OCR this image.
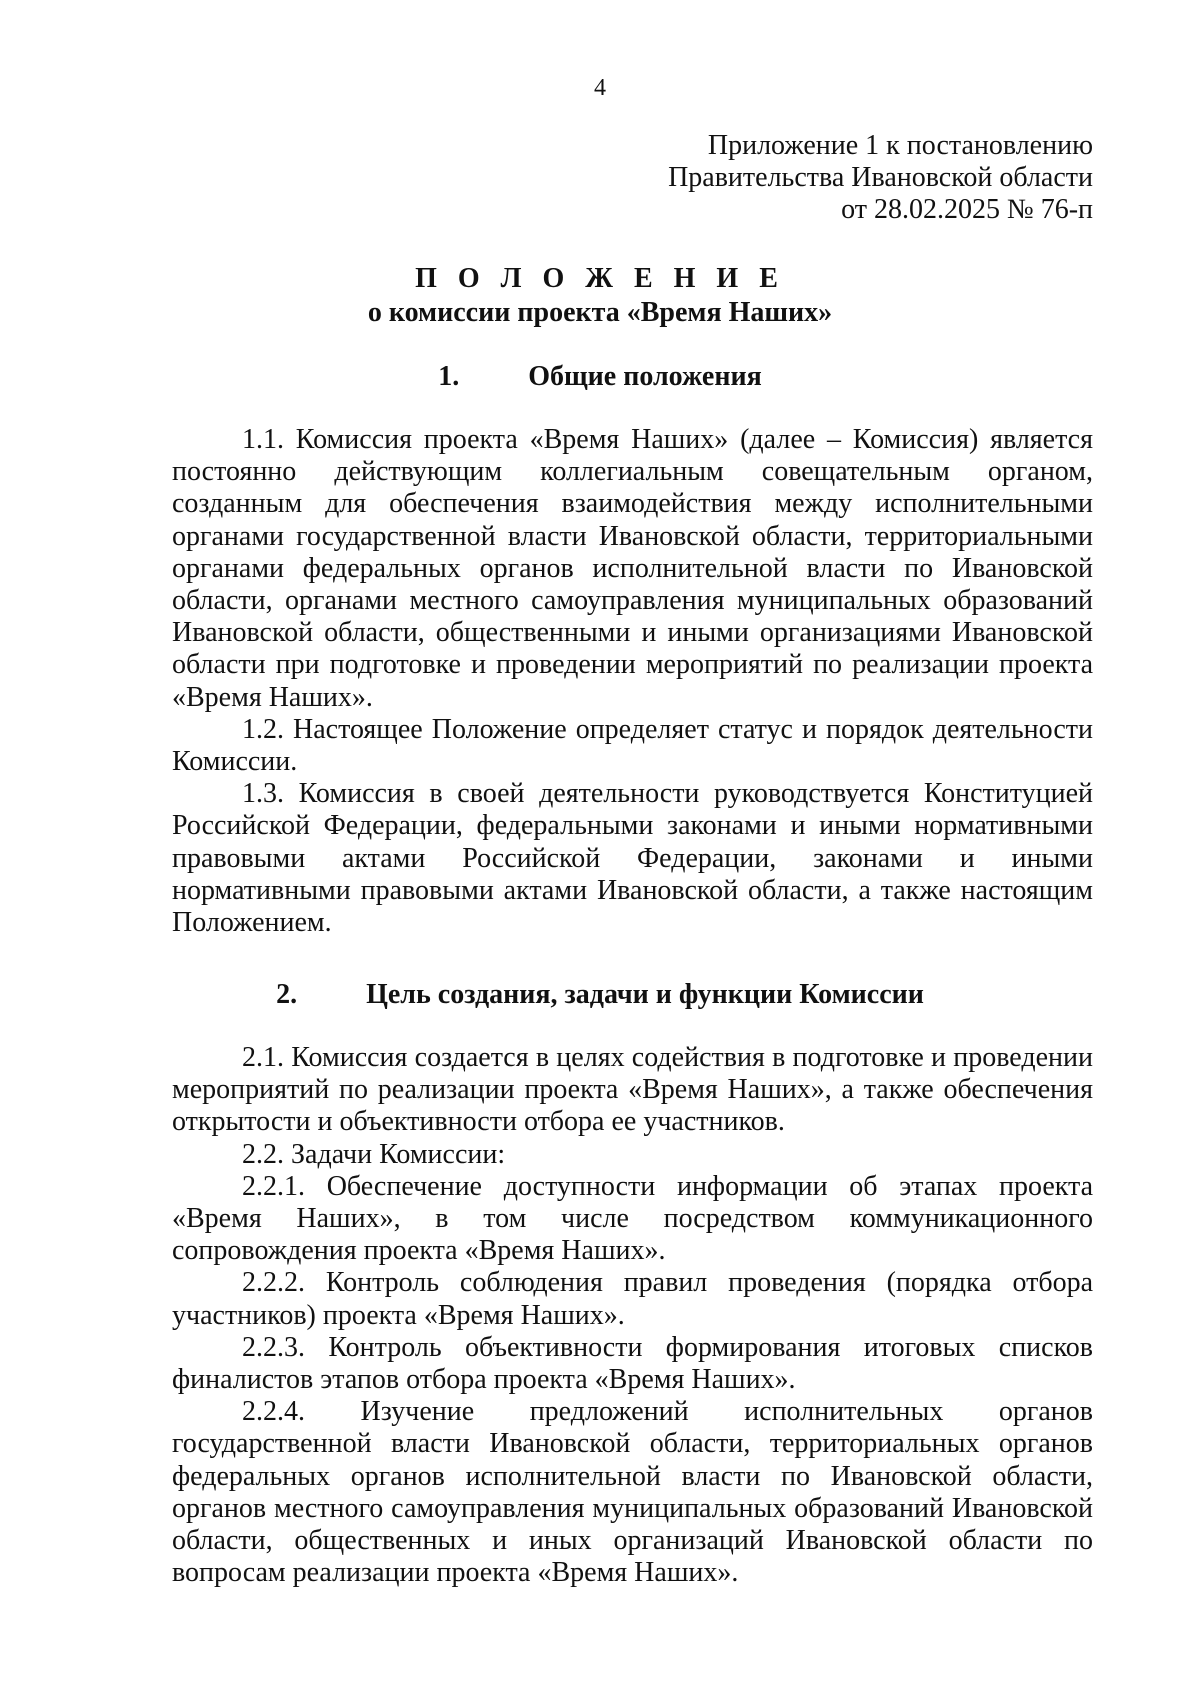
4
Приложение 1 к постановлению
Правительства Ивановской области
от 28.02.2025 № 76-п
П О Л О Ж Е Н И Е
о комиссии проекта «Время Наших»
1. Общие положения

1.1. Комиссия проекта «Время Наших» (далее – Комиссия) является постоянно действующим коллегиальным совещательным органом, созданным для обеспечения взаимодействия между исполнительными органами государственной власти Ивановской области, территориальными органами федеральных органов исполнительной власти по Ивановской области, органами местного самоуправления муниципальных образований Ивановской области, общественными и иными организациями Ивановской области при подготовке и проведении мероприятий по реализации проекта «Время Наших».

1.2. Настоящее Положение определяет статус и порядок деятельности Комиссии.

1.3. Комиссия в своей деятельности руководствуется Конституцией Российской Федерации, федеральными законами и иными нормативными правовыми актами Российской Федерации, законами и иными нормативными правовыми актами Ивановской области, а также настоящим Положением.

2. Цель создания, задачи и функции Комиссии

2.1. Комиссия создается в целях содействия в подготовке и проведении мероприятий по реализации проекта «Время Наших», а также обеспечения открытости и объективности отбора ее участников.

2.2. Задачи Комиссии:

2.2.1. Обеспечение доступности информации об этапах проекта «Время Наших», в том числе посредством коммуникационного сопровождения проекта «Время Наших».

2.2.2. Контроль соблюдения правил проведения (порядка отбора участников) проекта «Время Наших».

2.2.3. Контроль объективности формирования итоговых списков финалистов этапов отбора проекта «Время Наших».

2.2.4. Изучение предложений исполнительных органов государственной власти Ивановской области, территориальных органов федеральных органов исполнительной власти по Ивановской области, органов местного самоуправления муниципальных образований Ивановской области, общественных и иных организаций Ивановской области по вопросам реализации проекта «Время Наших».
